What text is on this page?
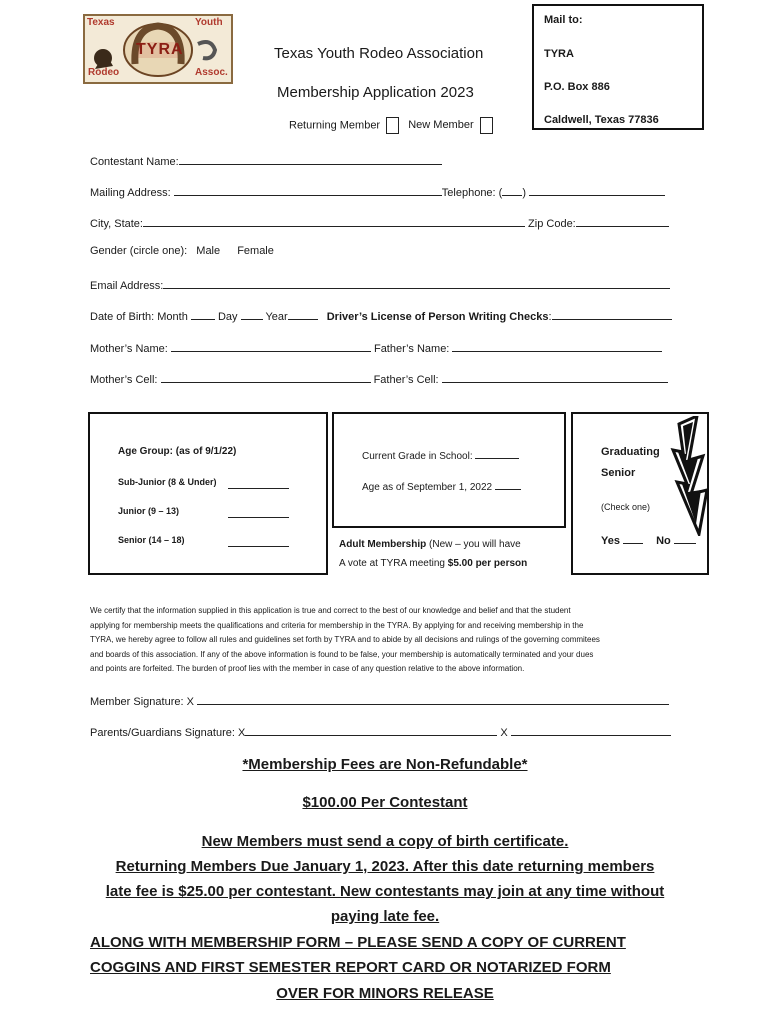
Texas	Youth
Rodeo	Assoc.
TYRA	Texas Youth Rodeo Association
Membership Application 2023
Returning Member	New Member
Mail to:
TYRA
P.O. Box 886
Caldwell, Texas 77836
Contestant Name:
Mailing Address:	Telephone: ( )
City, State:	Zip Code:
Gender (circle one): Male Female
Email Address:
Date of Birth: Month	Day	Year	Driver’s License of Person Writing Checks:
Mother’s Name:	Father’s Name:
Mother’s Cell:	Father’s Cell:
Age Group: (as of 9/1/22)
Sub-Junior (8 & Under)
Junior (9 – 13)
Senior (14 – 18)
Current Grade in School:
Age as of September 1, 2022
Adult Membership (New – you will have
A vote at TYRA meeting $5.00 per person
Graduating
Senior
(Check one)
Yes	No
We certify that the information supplied in this application is true and correct to the best of our knowledge and belief and that the student
applying for membership meets the qualifications and criteria for membership in the TYRA. By applying for and receiving membership in the
TYRA, we hereby agree to follow all rules and guidelines set forth by TYRA and to abide by all decisions and rulings of the governing commitees
and boards of this association. If any of the above information is found to be false, your membership is automatically terminated and your dues
and points are forfeited. The burden of proof lies with the member in case of any question relative to the above information.
Member Signature: X
Parents/Guardians Signature: X	X
*Membership Fees are Non-Refundable*
$100.00 Per Contestant
New Members must send a copy of birth certificate.
Returning Members Due January 1, 2023. After this date returning members
late fee is $25.00 per contestant. New contestants may join at any time without
paying late fee.
ALONG WITH MEMBERSHIP FORM – PLEASE SEND A COPY OF CURRENT
COGGINS AND FIRST SEMESTER REPORT CARD OR NOTARIZED FORM
OVER FOR MINORS RELEASE
